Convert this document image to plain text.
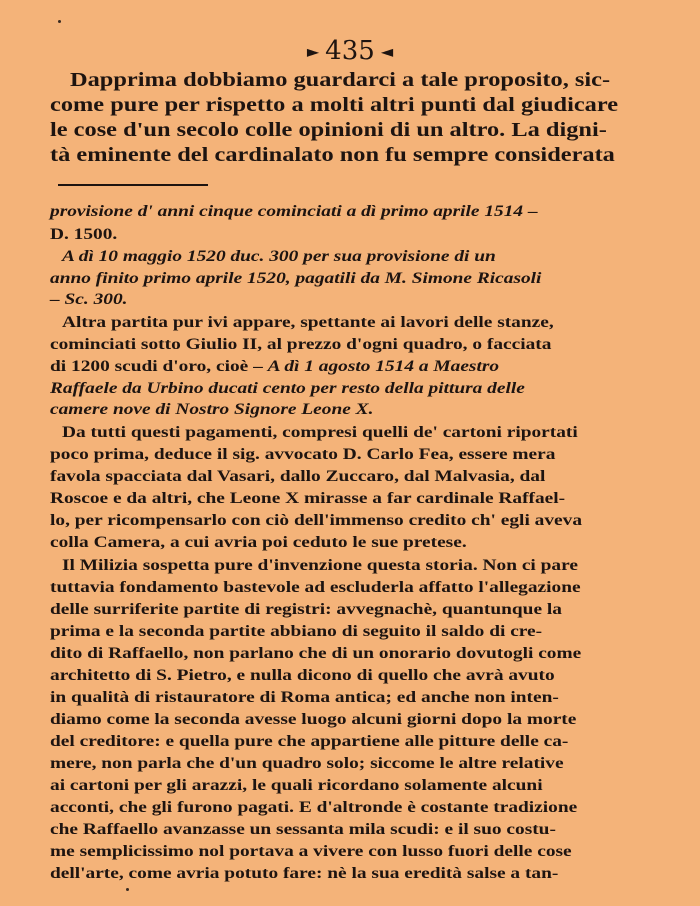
► 435 ◄
Dapprima dobbiamo guardarci a tale proposito, sic-
come pure per rispetto a molti altri punti dal giudicare
le cose d'un secolo colle opinioni di un altro. La digni-
tà eminente del cardinalato non fu sempre considerata
provisione d' anni cinque cominciati a dì primo aprile 1514 –
D. 1500.
A dì 10 maggio 1520 duc. 300 per sua provisione di un
anno finito primo aprile 1520, pagatili da M. Simone Ricasoli
– Sc. 300.
Altra partita pur ivi appare, spettante ai lavori delle stanze,
cominciati sotto Giulio II, al prezzo d'ogni quadro, o facciata
di 1200 scudi d'oro, cioè – A dì 1 agosto 1514 a Maestro
Raffaele da Urbino ducati cento per resto della pittura delle
camere nove di Nostro Signore Leone X.
Da tutti questi pagamenti, compresi quelli de' cartoni riportati
poco prima, deduce il sig. avvocato D. Carlo Fea, essere mera
favola spacciata dal Vasari, dallo Zuccaro, dal Malvasia, dal
Roscoe e da altri, che Leone X mirasse a far cardinale Raffael-
lo, per ricompensarlo con ciò dell'immenso credito ch' egli aveva
colla Camera, a cui avria poi ceduto le sue pretese.
Il Milizia sospetta pure d'invenzione questa storia. Non ci pare
tuttavia fondamento bastevole ad escluderla affatto l'allegazione
delle surriferite partite di registri: avvegnachè, quantunque la
prima e la seconda partite abbiano di seguito il saldo di cre-
dito di Raffaello, non parlano che di un onorario dovutogli come
architetto di S. Pietro, e nulla dicono di quello che avrà avuto
in qualità di ristauratore di Roma antica; ed anche non inten-
diamo come la seconda avesse luogo alcuni giorni dopo la morte
del creditore: e quella pure che appartiene alle pitture delle ca-
mere, non parla che d'un quadro solo; siccome le altre relative
ai cartoni per gli arazzi, le quali ricordano solamente alcuni
acconti, che gli furono pagati. E d'altronde è costante tradizione
che Raffaello avanzasse un sessanta mila scudi: e il suo costu-
me semplicissimo nol portava a vivere con lusso fuori delle cose
dell'arte, come avria potuto fare: nè la sua eredità salse a tan-
